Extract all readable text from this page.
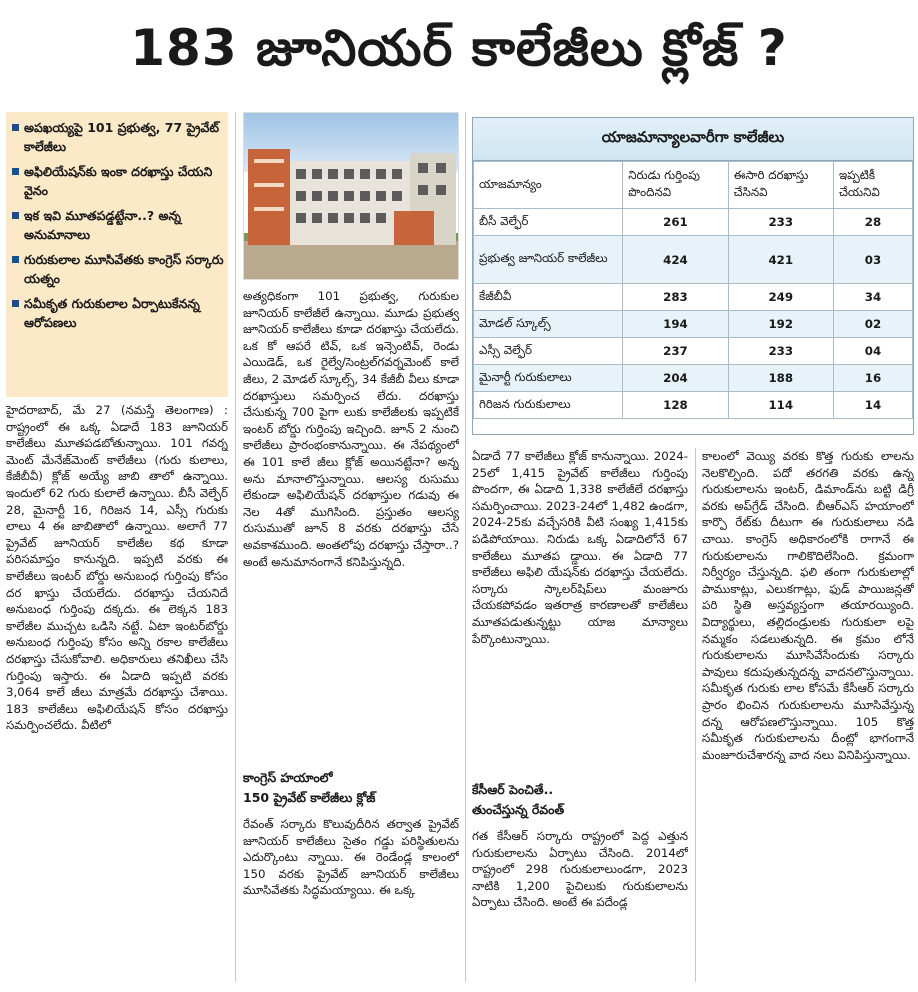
183 జూనియర్ కాలేజీలు క్లోజ్ ?
అపఖయ్యపై 101 ప్రభుత్వ, 77 ప్రైవేట్ కాలేజీలు
అఫిలియేషన్‌కు ఇంకా దరఖాస్తు చేయని వైనం
ఇక ఇవి మూతపడ్డట్టేనా..? అన్న అనుమానాలు
గురుకులాల మూసివేతకు కాంగ్రెస్ సర్కారు యత్నం
సమీకృత గురుకులాల ఏర్పాటుకేనన్న ఆరోపణలు

హైదరాబాద్, మే 27 (నమస్తే తెలంగాణ) : రాష్ట్రంలో ఈ ఒక్క ఏడాదే 183 జూనియర్ కాలేజీలు మూతపడబోతున్నాయి. 101 గవర్న మెంట్ మేనేజ్‌మెంట్ కాలేజీలు (గురు కులాలు, కేజీబీవీ) క్లోజ్ అయ్యే జాబి తాలో ఉన్నాయి. ఇందులో 62 గురు కులాలే ఉన్నాయి. బీసీ వెల్ఫేర్ 28, మైనార్టీ 16, గిరిజన 14, ఎస్సీ గురుకు లాలు 4 ఈ జాబితాలో ఉన్నాయి. అలాగే 77 ప్రైవేట్ జూనియర్ కాలేజీల కథ కూడా పరిసమాప్తం కానున్నది. ఇప్పటి వరకు ఈ కాలేజీలు ఇంటర్ బోర్డు అనుబంధ గుర్తింపు కోసం దర ఖాస్తు చేయలేదు. దరఖాస్తు చేయనిదే అనుబంధ గుర్తింపు దక్కదు. ఈ లెక్కన 183 కాలేజీల ముచ్చట ఒడిసి నట్టే. ఏటా ఇంటర్‌బోర్డు అనుబంధ గుర్తింపు కోసం అన్ని రకాల కాలేజీలు దరఖాస్తు చేసుకోవాలి. అధికారులు తనిఖీలు చేసి గుర్తింపు ఇస్తారు. ఈ ఏడాది ఇప్పటి వరకు 3,064 కాలే జీలు మాత్రమే దరఖాస్తు చేశాయి. 183 కాలేజీలు అఫిలియేషన్ కోసం దరఖాస్తు సమర్పించలేదు. వీటిలో

అత్యధికంగా 101 ప్రభుత్వ, గురుకుల జూనియర్ కాలేజీలే ఉన్నాయి. మూడు ప్రభుత్వ జూనియర్ కాలేజీలు కూడా దరఖాస్తు చేయలేదు. ఒక కో ఆపరే టివ్, ఒక ఇన్సెంటివ్, రెండు ఎయిడెడ్, ఒక రైల్వే/సెంట్రల్‌గవర్నమెంట్ కాలే జీలు, 2 మోడల్ స్కూల్స్, 34 కేజీబీ వీలు కూడా దరఖాస్తులు సమర్పించ లేదు. దరఖాస్తు చేసుకున్న 700 పైగా లుకు కాలేజీలకు ఇప్పటికే ఇంటర్ బోర్డు గుర్తింపు ఇచ్చింది. జూన్ 2 నుంచి కాలేజీలు ప్రారంభంకానున్నాయి. ఈ నేపథ్యంలో ఈ 101 కాలే జీలు క్లోజ్ అయినట్టేనా? అన్న అను మానాలొస్తున్నాయి. ఆలస్య రుసుము లేకుండా అఫిలియేషన్ దరఖాస్తుల గడువు ఈ నెల 4తో ముగిసింది. ప్రస్తుతం ఆలస్య రుసుముతో జూన్ 8 వరకు దరఖాస్తు చేసే అవకాశముంది. అంతలోపు దరఖాస్తు చేస్తారా..? అంటే అనుమానంగానే కనిపిస్తున్నది.

కాంగ్రెస్ హయాంలో
150 ప్రైవేట్ కాలేజీలు క్లోజ్

రేవంత్ సర్కారు కొలువుదీరిన తర్వాత ప్రైవేట్ జూనియర్ కాలేజీలు సైతం గడ్డు పరిస్థితులను ఎదుర్కొంటు న్నాయి. ఈ రెండేండ్ల కాలంలో 150 వరకు ప్రైవేట్ జూనియర్ కాలేజీలు మూసివేతకు సిద్ధమయ్యాయి. ఈ ఒక్క

యాజమాన్యాలవారీగా కాలేజీలు
యాజమాన్యం	నిరుడు గుర్తింపు పొందినవి	ఈసారి దరఖాస్తు చేసినవి	ఇప్పటికీ చేయనివి
బీసీ వెల్ఫేర్	261	233	28
ప్రభుత్వ జూనియర్ కాలేజీలు	424	421	03
కేజీబీవీ	283	249	34
మోడల్ స్కూల్స్	194	192	02
ఎస్సీ వెల్ఫేర్	237	233	04
మైనార్టీ గురుకులాలు	204	188	16
గిరిజన గురుకులాలు	128	114	14

ఏడాదే 77 కాలేజీలు క్లోజ్ కానున్నాయి. 2024-25లో 1,415 ప్రైవేట్ కాలేజీలు గుర్తింపు పొందగా, ఈ ఏడాది 1,338 కాలేజీలే దరఖాస్తు సమర్పించాయి. 2023-24లో 1,482 ఉండగా, 2024-25కు వచ్చేసరికి వీటి సంఖ్య 1,415కు పడిపోయాయి. నిరుడు ఒక్క ఏడాదిలోనే 67 కాలేజీలు మూతప డ్డాయి. ఈ ఏడాది 77 కాలేజీలు అఫిలి యేషన్‌కు దరఖాస్తు చేయలేదు. సర్కారు స్కాలర్‌షిప్‌లు మంజూరు చేయకపోవడం ఇతరాత్ర కారణాలతో కాలేజీలు మూతపడుతున్నట్టు యాజ మాన్యాలు పేర్కొంటున్నాయి.

కేసీఆర్ పెంచితే..
తుంచేస్తున్న రేవంత్

గత కేసీఆర్ సర్కారు రాష్ట్రంలో పెద్ద ఎత్తున గురుకులాలను ఏర్పాటు చేసింది. 2014లో రాష్ట్రంలో 298 గురుకులాలుండగా, 2023 నాటికి 1,200 పైచిలుకు గురుకులాలను ఏర్పాటు చేసింది. అంటే ఈ పదేండ్ల

కాలంలో వెయ్యి వరకు కొత్త గురుకు లాలను నెలకొల్పింది. పదో తరగతి వరకు ఉన్న గురుకులాలను ఇంటర్, డిమాండ్‌ను బట్టి డిగ్రీ వరకు అప్‌గ్రేడ్ చేసింది. బీఆర్ఎస్ హయాంలో కార్పొ రేట్‌కు దీటుగా ఈ గురుకులాలు నడి చాయి. కాంగ్రెస్ అధికారంలోకి రాగానే ఈ గురుకులాలను గాలికొదిలేసింది. క్రమంగా నిర్వీర్యం చేస్తున్నది. ఫలి తంగా గురుకులాల్లో పాముకాట్లు, ఎలుకగాట్లు, ఫుడ్ పాయిజన్లతో పరి స్థితి అస్తవ్యస్తంగా తయారయ్యింది. విద్యార్థులు, తల్లిదండ్రులకు గురుకులా లపై నమ్మకం సడలుతున్నది. ఈ క్రమం లోనే గురుకులాలను మూసివేసేందుకు సర్కారు పావులు కదుపుతున్నదన్న వాదనలొస్తున్నాయి. సమీకృత గురుకు లాల కోసమే కేసీఆర్ సర్కారు ప్రారం భించిన గురుకులాలను మూసివేస్తున్న దన్న ఆరోపణలొస్తున్నాయి. 105 కొత్త సమీకృత గురుకులాలను దీంట్లో భాగంగానే మంజూరుచేశారన్న వాద నలు వినిపిస్తున్నాయి.
